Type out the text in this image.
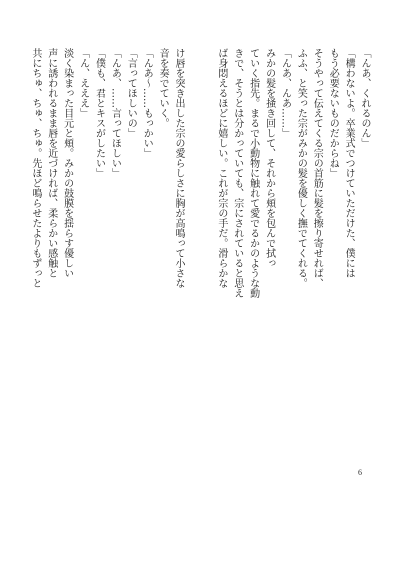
「んあ、くれるのん」
「構わないよ。卒業式でつけていただけた、僕には
もう必要ないものだからね」
そうやって伝えてくる宗の首筋に髪を擦り寄せれば、
ふふ、と笑った宗がみかの髪を優しく撫でてくれる。
「んあ、んあ……」
みかの髪を掻き回して、それから頬を包んで拭っ
ていく指先。まるで小動物に触れて愛でるかのような動
きで、そうとは分かっていても、宗にされていると思え
ば身悶えるほどに嬉しい。これが宗の手だ。滑らかな
け唇を突き出した宗の愛らしさに胸が高鳴って小さな
音を奏でていく。
「んあ〜……もっかい」
「言ってほしいの」
「んあ、……言ってほしい」
「僕も、君とキスがしたい」
「ん、えええ」
淡く染まった目元と頬。みかの鼓膜を揺らす優しい
声に誘われるまま唇を近づければ、柔らかい感触と
共にちゅ、ちゅ、ちゅ。先ほど鳴らせたよりもずっと
6
